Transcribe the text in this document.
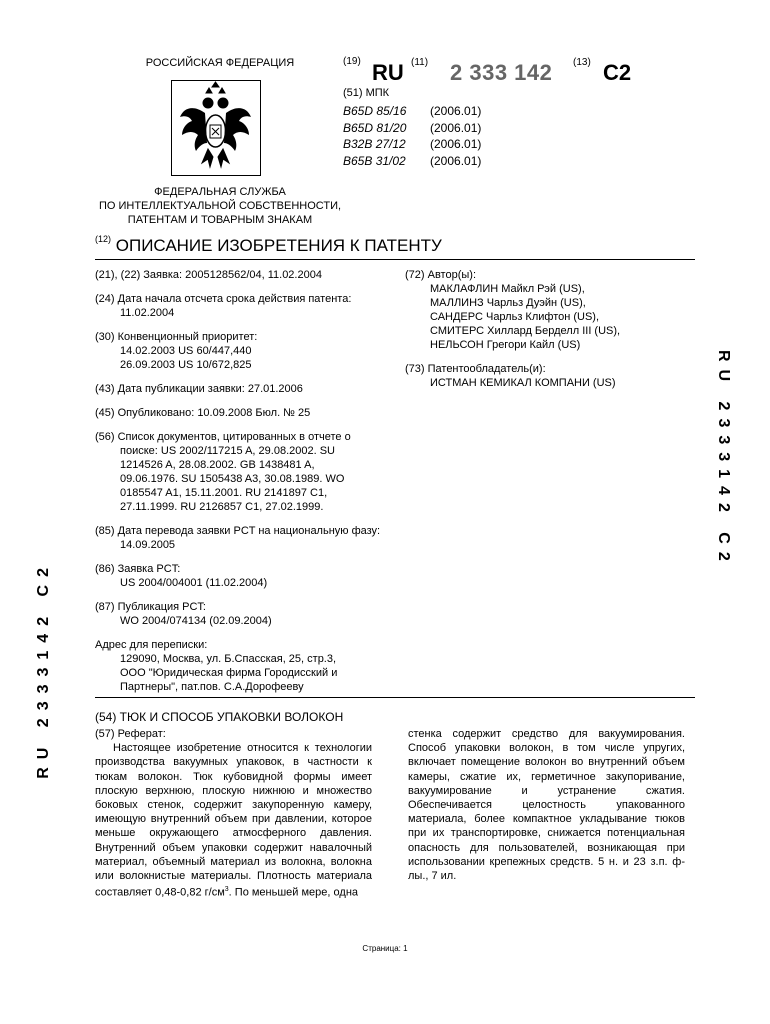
РОССИЙСКАЯ ФЕДЕРАЦИЯ
ФЕДЕРАЛЬНАЯ СЛУЖБА
ПО ИНТЕЛЛЕКТУАЛЬНОЙ СОБСТВЕННОСТИ,
ПАТЕНТАМ И ТОВАРНЫМ ЗНАКАМ
(19) RU (11) 2 333 142 (13) C2
(51) МПК
B65D 85/16	(2006.01)
B65D 81/20	(2006.01)
B32B 27/12	(2006.01)
B65B 31/02	(2006.01)
$^{(12)}$ ОПИСАНИЕ ИЗОБРЕТЕНИЯ К ПАТЕНТУ
(21), (22) Заявка: 2005128562/04, 11.02.2004
(24) Дата начала отсчета срока действия патента:
11.02.2004
(30) Конвенционный приоритет:
14.02.2003 US 60/447,440
26.09.2003 US 10/672,825
(43) Дата публикации заявки: 27.01.2006
(45) Опубликовано: 10.09.2008 Бюл. № 25
(56) Список документов, цитированных в отчете о
поиске: US 2002/117215 A, 29.08.2002. SU
1214526 A, 28.08.2002. GB 1438481 A,
09.06.1976. SU 1505438 A3, 30.08.1989. WO
0185547 A1, 15.11.2001. RU 2141897 C1,
27.11.1999. RU 2126857 C1, 27.02.1999.
(85) Дата перевода заявки PCT на национальную фазу:
14.09.2005
(86) Заявка PCT:
US 2004/004001 (11.02.2004)
(87) Публикация PCT:
WO 2004/074134 (02.09.2004)
Адрес для переписки:
129090, Москва, ул. Б.Спасская, 25, стр.3,
ООО "Юридическая фирма Городисский и
Партнеры", пат.пов. С.А.Дорофееву
(72) Автор(ы):
МАКЛАФЛИН Майкл Рэй (US),
МАЛЛИНЗ Чарльз Дуэйн (US),
САНДЕРС Чарльз Клифтон (US),
СМИТЕРС Хиллард Берделл III (US),
НЕЛЬСОН Грегори Кайл (US)
(73) Патентообладатель(и):
ИСТМАН КЕМИКАЛ КОМПАНИ (US)	RU 2333142 C2
RU 2333142 C2	(54) ТЮК И СПОСОБ УПАКОВКИ ВОЛОКОН

(57) Реферат:

Настоящее изобретение относится к технологии производства вакуумных упаковок, в частности к тюкам волокон. Тюк кубовидной формы имеет плоскую верхнюю, плоскую нижнюю и множество боковых стенок, содержит закупоренную камеру, имеющую внутренний объем при давлении, которое меньше окружающего атмосферного давления. Внутренний объем упаковки содержит навалочный материал, объемный материал из волокна, волокна или волокнистые материалы. Плотность материала составляет 0,48-0,82 $г/см^3$. По меньшей мере, одна

стенка содержит средство для вакуумирования. Способ упаковки волокон, в том числе упругих, включает помещение волокон во внутренний объем камеры, сжатие их, герметичное закупоривание, вакуумирование и устранение сжатия. Обеспечивается целостность упакованного материала, более компактное укладывание тюков при их транспортировке, снижается потенциальная опасность для пользователей, возникающая при использовании крепежных средств. 5 н. и 23 з.п. ф-лы., 7 ил.

Страница: 1
